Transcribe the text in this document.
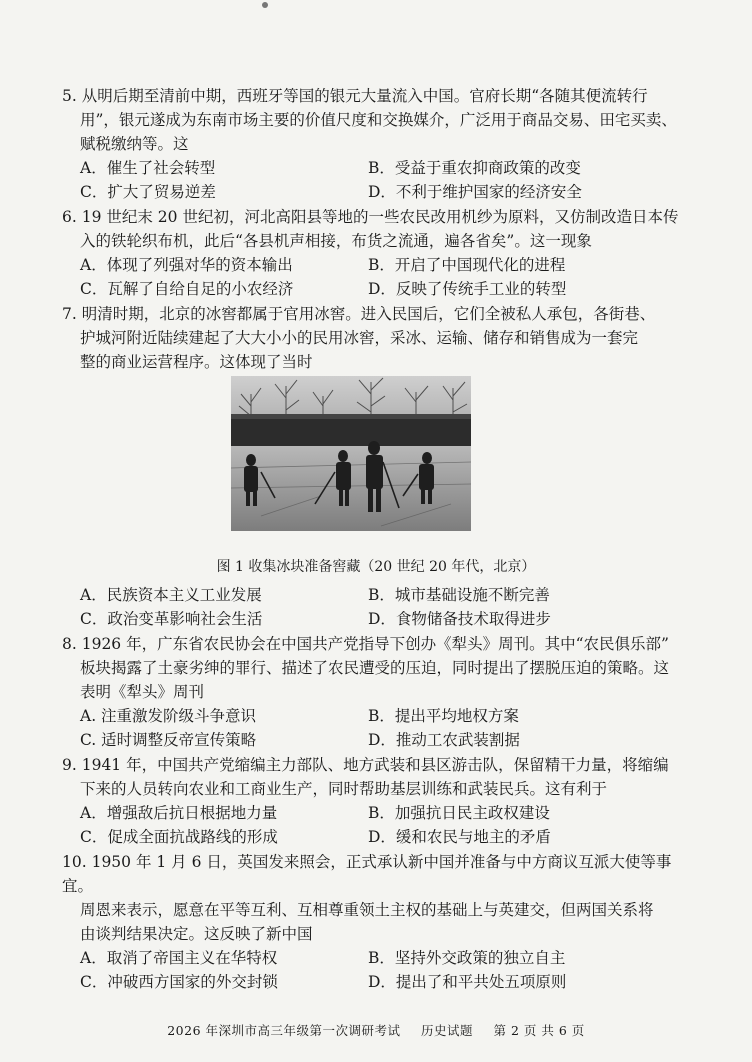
5. 从明后期至清前中期，西班牙等国的银元大量流入中国。官府长期“各随其便流转行
用”，银元遂成为东南市场主要的价值尺度和交换媒介，广泛用于商品交易、田宅买卖、
赋税缴纳等。这
A．催生了社会转型	B．受益于重农抑商政策的改变
C．扩大了贸易逆差	D．不利于维护国家的经济安全
6. 19 世纪末 20 世纪初，河北高阳县等地的一些农民改用机纱为原料，又仿制改造日本传
入的铁轮织布机，此后“各县机声相接，布货之流通，遍各省矣”。这一现象
A．体现了列强对华的资本输出	B．开启了中国现代化的进程
C．瓦解了自给自足的小农经济	D．反映了传统手工业的转型
7. 明清时期，北京的冰窖都属于官用冰窖。进入民国后，它们全被私人承包，各街巷、
护城河附近陆续建起了大大小小的民用冰窖，采冰、运输、储存和销售成为一套完
整的商业运营程序。这体现了当时
图 1 收集冰块准备窖藏（20 世纪 20 年代，北京）
A．民族资本主义工业发展	B．城市基础设施不断完善
C．政治变革影响社会生活	D．食物储备技术取得进步
8. 1926 年，广东省农民协会在中国共产党指导下创办《犁头》周刊。其中“农民俱乐部”
板块揭露了土豪劣绅的罪行、描述了农民遭受的压迫，同时提出了摆脱压迫的策略。这
表明《犁头》周刊
A. 注重激发阶级斗争意识	B．提出平均地权方案
C. 适时调整反帝宣传策略	D．推动工农武装割据
9. 1941 年，中国共产党缩编主力部队、地方武装和县区游击队，保留精干力量，将缩编
下来的人员转向农业和工商业生产，同时帮助基层训练和武装民兵。这有利于
A．增强敌后抗日根据地力量	B．加强抗日民主政权建设
C．促成全面抗战路线的形成	D．缓和农民与地主的矛盾
10. 1950 年 1 月 6 日，英国发来照会，正式承认新中国并准备与中方商议互派大使等事宜。
周恩来表示，愿意在平等互利、互相尊重领土主权的基础上与英建交，但两国关系将
由谈判结果决定。这反映了新中国
A．取消了帝国主义在华特权	B．坚持外交政策的独立自主
C．冲破西方国家的外交封锁	D．提出了和平共处五项原则
2026 年深圳市高三年级第一次调研考试 历史试题 第 2 页 共 6 页
